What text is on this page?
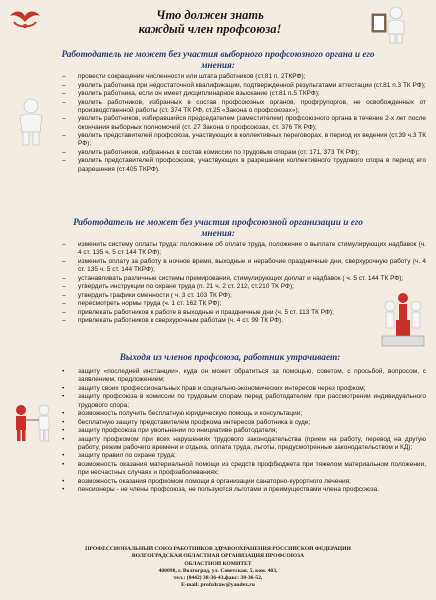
Что должен знать
каждый член профсоюза!
Работодатель не может без участия выборного профсоюзного органа и его
мнения:
– провести сокращение численности или штата работников (ст.81 п. 2ТКРФ);
– уволить работника при недостаточной квалификации, подтвержденной результатами аттестации (ст.81 п.3 ТК РФ);
– уволить работника, если он имеет дисциплинарное взыскание (ст.81 п.5 ТКРФ);
– уволить работников, избранных в состав профсоюзных органов, профгрупоргов, не освобожденных от производственной работы (ст. 374 ТК РФ, ст.25 «Закона о профсоюзах»);
– уволить работников, избиравшийся председателем (заместителем) профсоюзного органа в течение 2-х лет после окончания выборных полномочий (ст. 27 Закона о профсоюзах, ст. 376 ТК РФ);
– уволить представителей профсоюза, участвующих в коллективных переговорах, в период их ведения (ст.39 ч.3 ТК РФ);
– уволить работников, избранных в состав комиссии по трудовым спорам (ст. 171, 373 ТК РФ);
– уволить представителей профсоюзов, участвующих в разрешении коллективного трудового спора в период его разрешения (ст.405 ТКРФ).
Работодатель не может без участия профсоюзной организации и его
мнения:
– изменить систему оплаты труда: положение об оплате труда, положение о выплате стимулирующих надбавок (ч. 4 ст. 135 ч. 5 ст 144 ТК РФ);
– изменить оплату за работу в ночное время, выходные и нерабочие праздничные дни, сверхурочную работу (ч. 4 ст. 135 ч. 5 ст. 144 ТКРФ);
– устанавливать различные системы премирования, стимулирующих доплат и надбавок ( ч. 5 ст. 144 ТК РФ);
– утвердить инструкции по охране труда (п. 21 ч. 2 ст. 212, ст.210 ТК РФ);
– утвердить графики сменности ( ч. 3 ст. 103 ТК РФ);
– пересмотреть нормы труда (ч. 1 ст. 162 ТК РФ);
– привлекать работников к работе в выходные и праздничные дни (ч. 5 ст. 113 ТК РФ);
– привлекать работников к сверхурочным работам (ч. 4 ст. 99 ТК РФ).
Выходя из членов профсоюза, работник утрачивает:
• защиту «последней инстанции», куда он может обратиться за помощью, советом, с просьбой, вопросом, с заявлением, предложением;
• защиту своих профессиональных прав и социально-экономических интересов через профком;
• защиту профсоюза в комиссии по трудовым спорам перед работодателем при рассмотрении индивидуального трудового спора;
• возможность получить бесплатную юридическую помощь и консультации;
• бесплатную защиту представителем профкома интересов работника в суде;
• защиту профсоюза при увольнении по инициативе работодателя;
• защиту профкомом при всех нарушениях трудового законодательства (прием на работу, перевод на другую работу, режим рабочего времени и отдыха, оплата труда, льготы, предусмотренные законодательством и КД);
• защиту правил по охране труда;
• возможность оказания материальной помощи из средств профбюджета при тяжелом материальном положении, при несчастных случаях и профзаболеваниях;
• возможность оказания профкомом помощи в организации санаторно-курортного лечения;
• пенсионеры - не члены профсоюза, не пользуются льготами и преимуществами члена профсоюза.
ПРОФЕССИОНАЛЬНЫЙ СОЮЗ РАБОТНИКОВ ЗДРАВООХРАНЕНИЯ РОССИЙСКОЙ ФЕДЕРАЦИИ
ВОЛГОГРАДСКАЯ ОБЛАСТНАЯ ОРГАНИЗАЦИЯ ПРОФСОЮЗА
ОБЛАСТНОЙ КОМИТЕТ
400098, г. Волгоград, ул. Советская. 5, ком. 403,
тел.: (8442) 38-36-43,факс: 38-36-52,
E-mail: profzdraw@yandex.ru
